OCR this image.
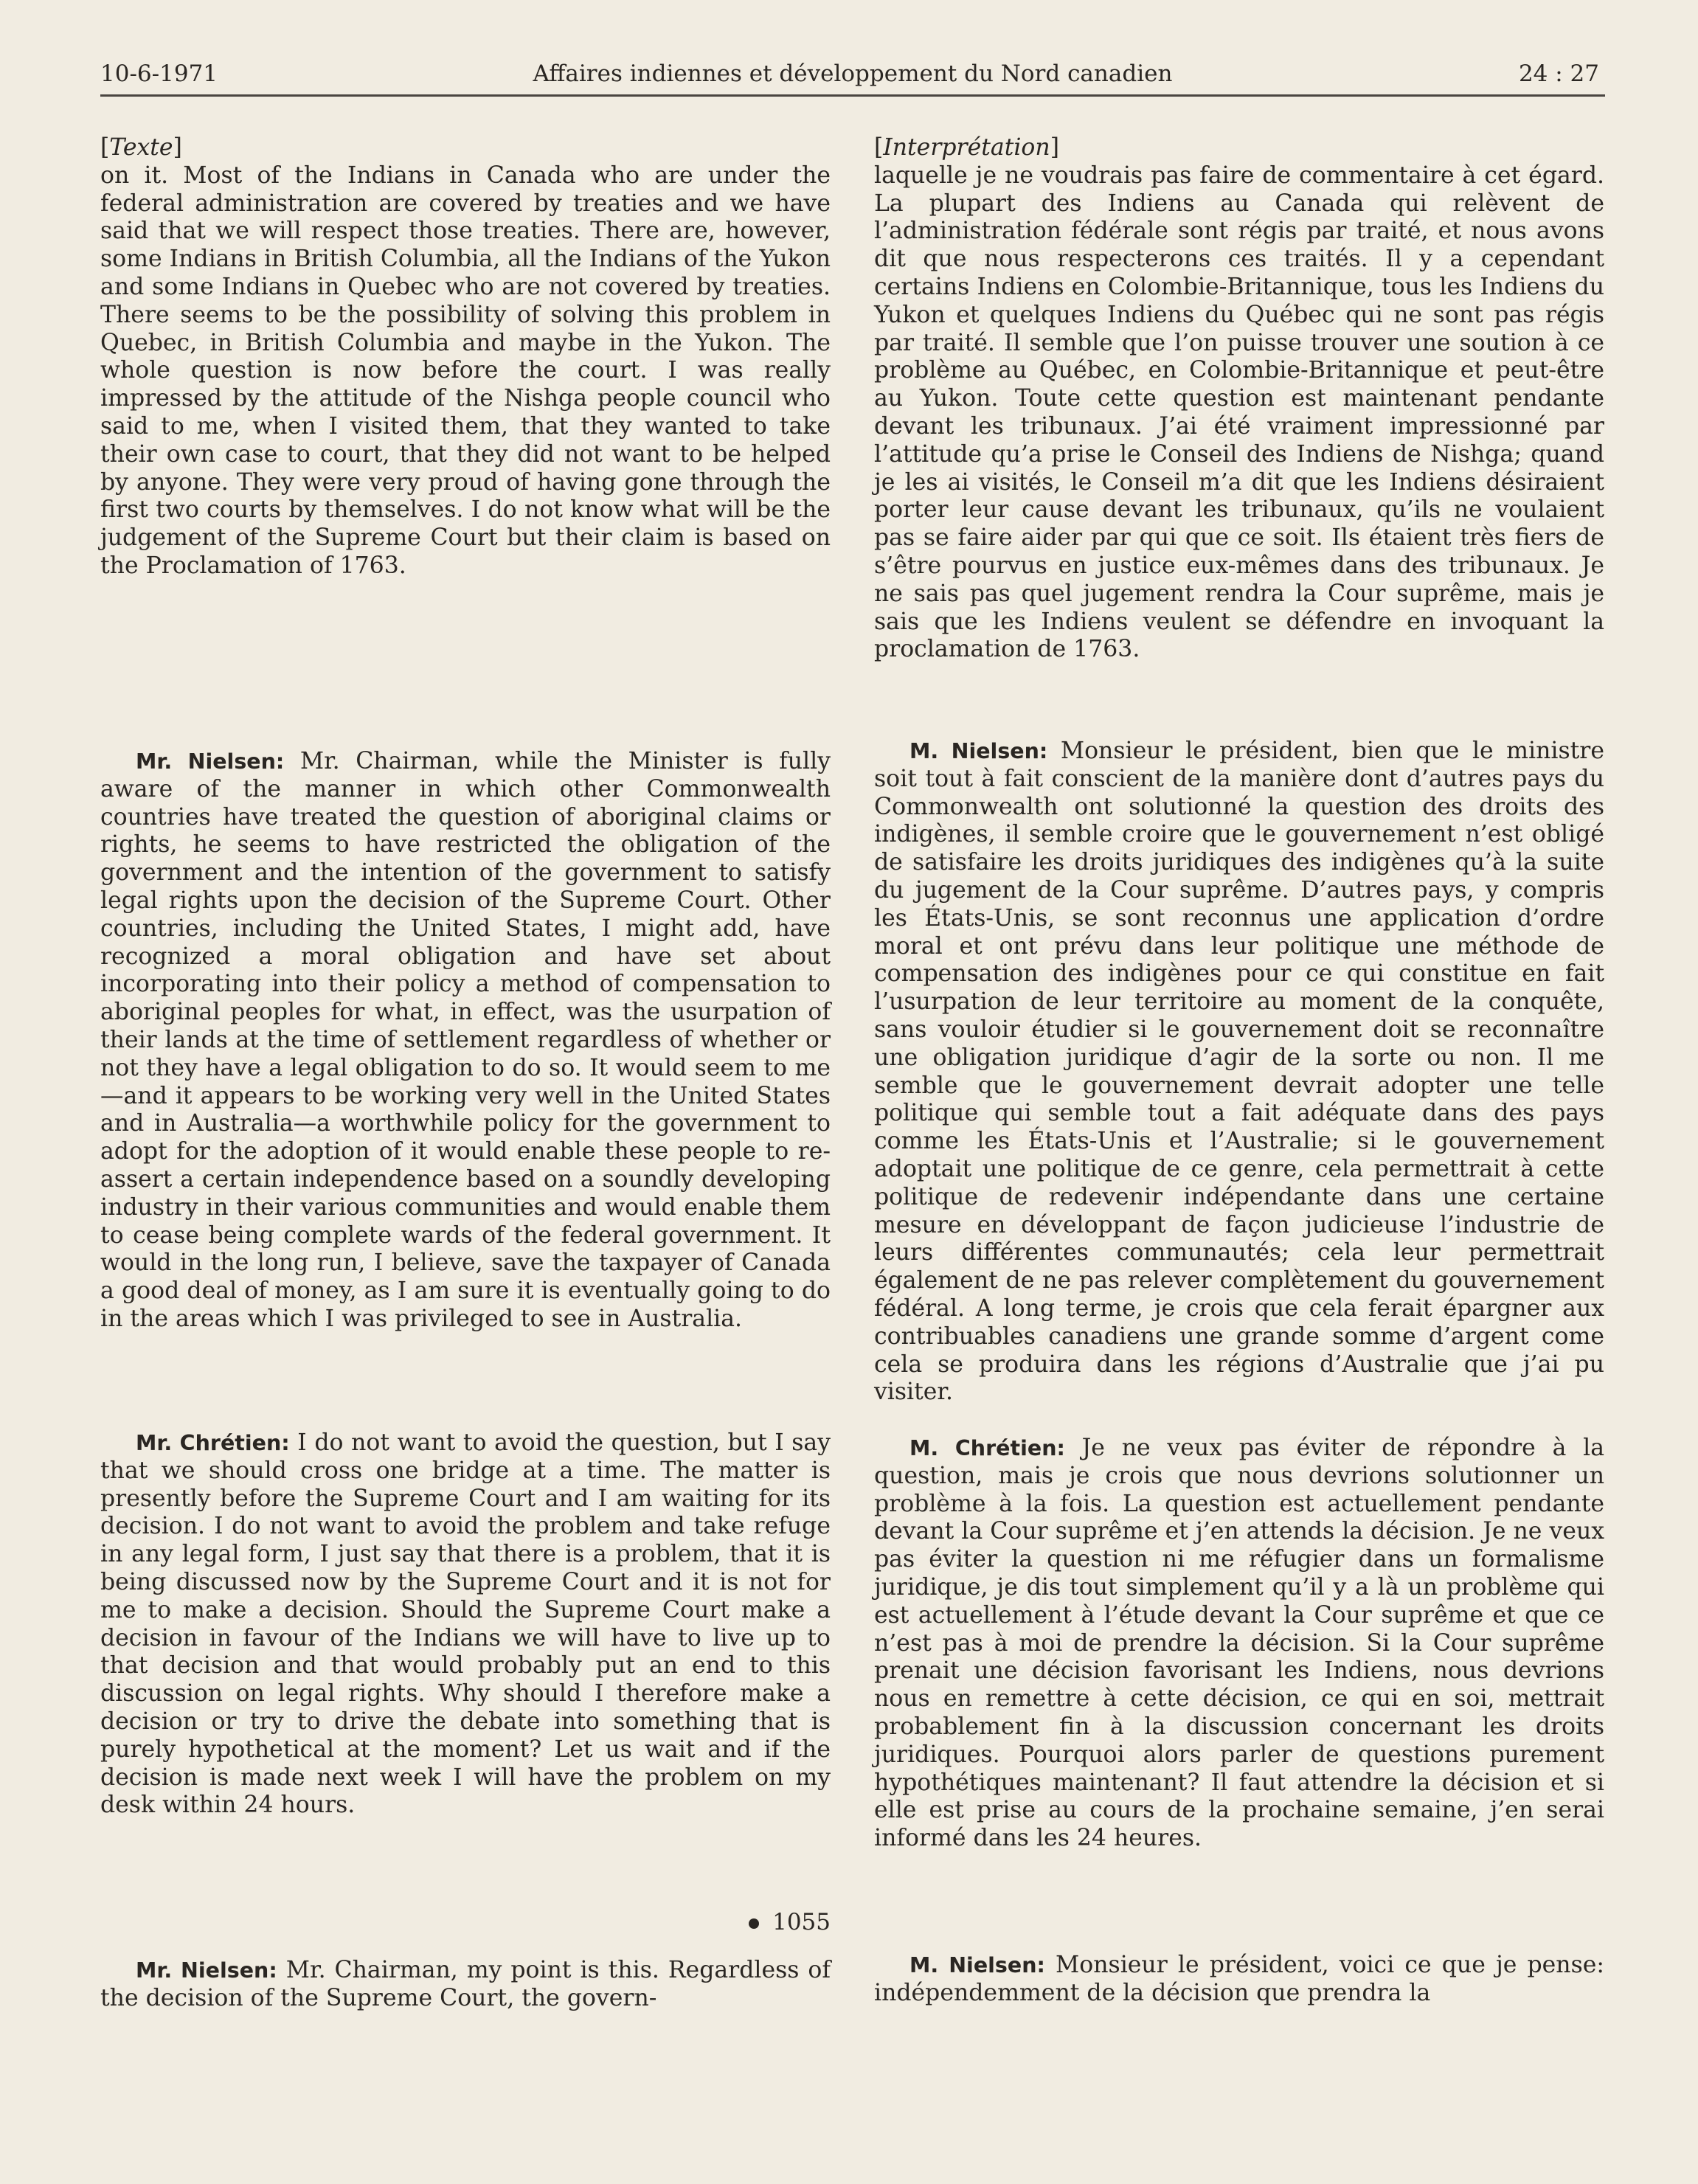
10-6-1971	Affaires indiennes et développement du Nord canadien	24 : 27
[Texte]

on it. Most of the Indians in Canada who are under the federal administration are covered by treaties and we have said that we will respect those treaties. There are, however, some Indians in British Columbia, all the Indians of the Yukon and some Indians in Quebec who are not covered by treaties. There seems to be the possibility of solving this problem in Quebec, in British Columbia and maybe in the Yukon. The whole question is now before the court. I was really impressed by the attitude of the Nishga people council who said to me, when I visited them, that they wanted to take their own case to court, that they did not want to be helped by anyone. They were very proud of having gone through the first two courts by themselves. I do not know what will be the judgement of the Supreme Court but their claim is based on the Proclamation of 1763.

Mr. Nielsen: Mr. Chairman, while the Minister is fully aware of the manner in which other Commonwealth countries have treated the question of aboriginal claims or rights, he seems to have restricted the obligation of the government and the intention of the government to satisfy legal rights upon the decision of the Supreme Court. Other countries, including the United States, I might add, have recognized a moral obligation and have set about incorporating into their policy a method of compensation to aboriginal peoples for what, in effect, was the usurpation of their lands at the time of settlement regardless of whether or not they have a legal obligation to do so. It would seem to me—and it appears to be working very well in the United States and in Australia—a worthwhile policy for the government to adopt for the adoption of it would enable these people to re-assert a certain independence based on a soundly developing industry in their various communities and would enable them to cease being complete wards of the federal government. It would in the long run, I believe, save the taxpayer of Canada a good deal of money, as I am sure it is eventually going to do in the areas which I was privileged to see in Australia.

Mr. Chrétien: I do not want to avoid the question, but I say that we should cross one bridge at a time. The matter is presently before the Supreme Court and I am waiting for its decision. I do not want to avoid the problem and take refuge in any legal form, I just say that there is a problem, that it is being discussed now by the Supreme Court and it is not for me to make a decision. Should the Supreme Court make a decision in favour of the Indians we will have to live up to that decision and that would probably put an end to this discussion on legal rights. Why should I therefore make a decision or try to drive the debate into something that is purely hypothetical at the moment? Let us wait and if the decision is made next week I will have the problem on my desk within 24 hours.

1055

Mr. Nielsen: Mr. Chairman, my point is this. Regardless of the decision of the Supreme Court, the govern-

[Interprétation]

laquelle je ne voudrais pas faire de commentaire à cet égard. La plupart des Indiens au Canada qui relèvent de l’administration fédérale sont régis par traité, et nous avons dit que nous respecterons ces traités. Il y a cependant certains Indiens en Colombie-Britannique, tous les Indiens du Yukon et quelques Indiens du Québec qui ne sont pas régis par traité. Il semble que l’on puisse trouver une soution à ce problème au Québec, en Colombie-Britannique et peut-être au Yukon. Toute cette question est maintenant pendante devant les tribunaux. J’ai été vraiment impressionné par l’attitude qu’a prise le Conseil des Indiens de Nishga; quand je les ai visités, le Conseil m’a dit que les Indiens désiraient porter leur cause devant les tribunaux, qu’ils ne voulaient pas se faire aider par qui que ce soit. Ils étaient très fiers de s’être pourvus en justice eux-mêmes dans des tribunaux. Je ne sais pas quel jugement rendra la Cour suprême, mais je sais que les Indiens veulent se défendre en invoquant la proclamation de 1763.

M. Nielsen: Monsieur le président, bien que le ministre soit tout à fait conscient de la manière dont d’autres pays du Commonwealth ont solutionné la question des droits des indigènes, il semble croire que le gouvernement n’est obligé de satisfaire les droits juridiques des indigènes qu’à la suite du jugement de la Cour suprême. D’autres pays, y compris les États-Unis, se sont reconnus une application d’ordre moral et ont prévu dans leur politique une méthode de compensation des indigènes pour ce qui constitue en fait l’usurpation de leur territoire au moment de la conquête, sans vouloir étudier si le gouvernement doit se reconnaître une obligation juridique d’agir de la sorte ou non. Il me semble que le gouvernement devrait adopter une telle politique qui semble tout a fait adéquate dans des pays comme les États-Unis et l’Australie; si le gouvernement adoptait une politique de ce genre, cela permettrait à cette politique de redevenir indépendante dans une certaine mesure en développant de façon judicieuse l’industrie de leurs différentes communautés; cela leur permettrait également de ne pas relever complètement du gouvernement fédéral. A long terme, je crois que cela ferait épargner aux contribuables canadiens une grande somme d’argent come cela se produira dans les régions d’Australie que j’ai pu visiter.

M. Chrétien: Je ne veux pas éviter de répondre à la question, mais je crois que nous devrions solutionner un problème à la fois. La question est actuellement pendante devant la Cour suprême et j’en attends la décision. Je ne veux pas éviter la question ni me réfugier dans un formalisme juridique, je dis tout simplement qu’il y a là un problème qui est actuellement à l’étude devant la Cour suprême et que ce n’est pas à moi de prendre la décision. Si la Cour suprême prenait une décision favorisant les Indiens, nous devrions nous en remettre à cette décision, ce qui en soi, mettrait probablement fin à la discussion concernant les droits juridiques. Pourquoi alors parler de questions purement hypothétiques maintenant? Il faut attendre la décision et si elle est prise au cours de la prochaine semaine, j’en serai informé dans les 24 heures.

M. Nielsen: Monsieur le président, voici ce que je pense: indépendemment de la décision que prendra la
